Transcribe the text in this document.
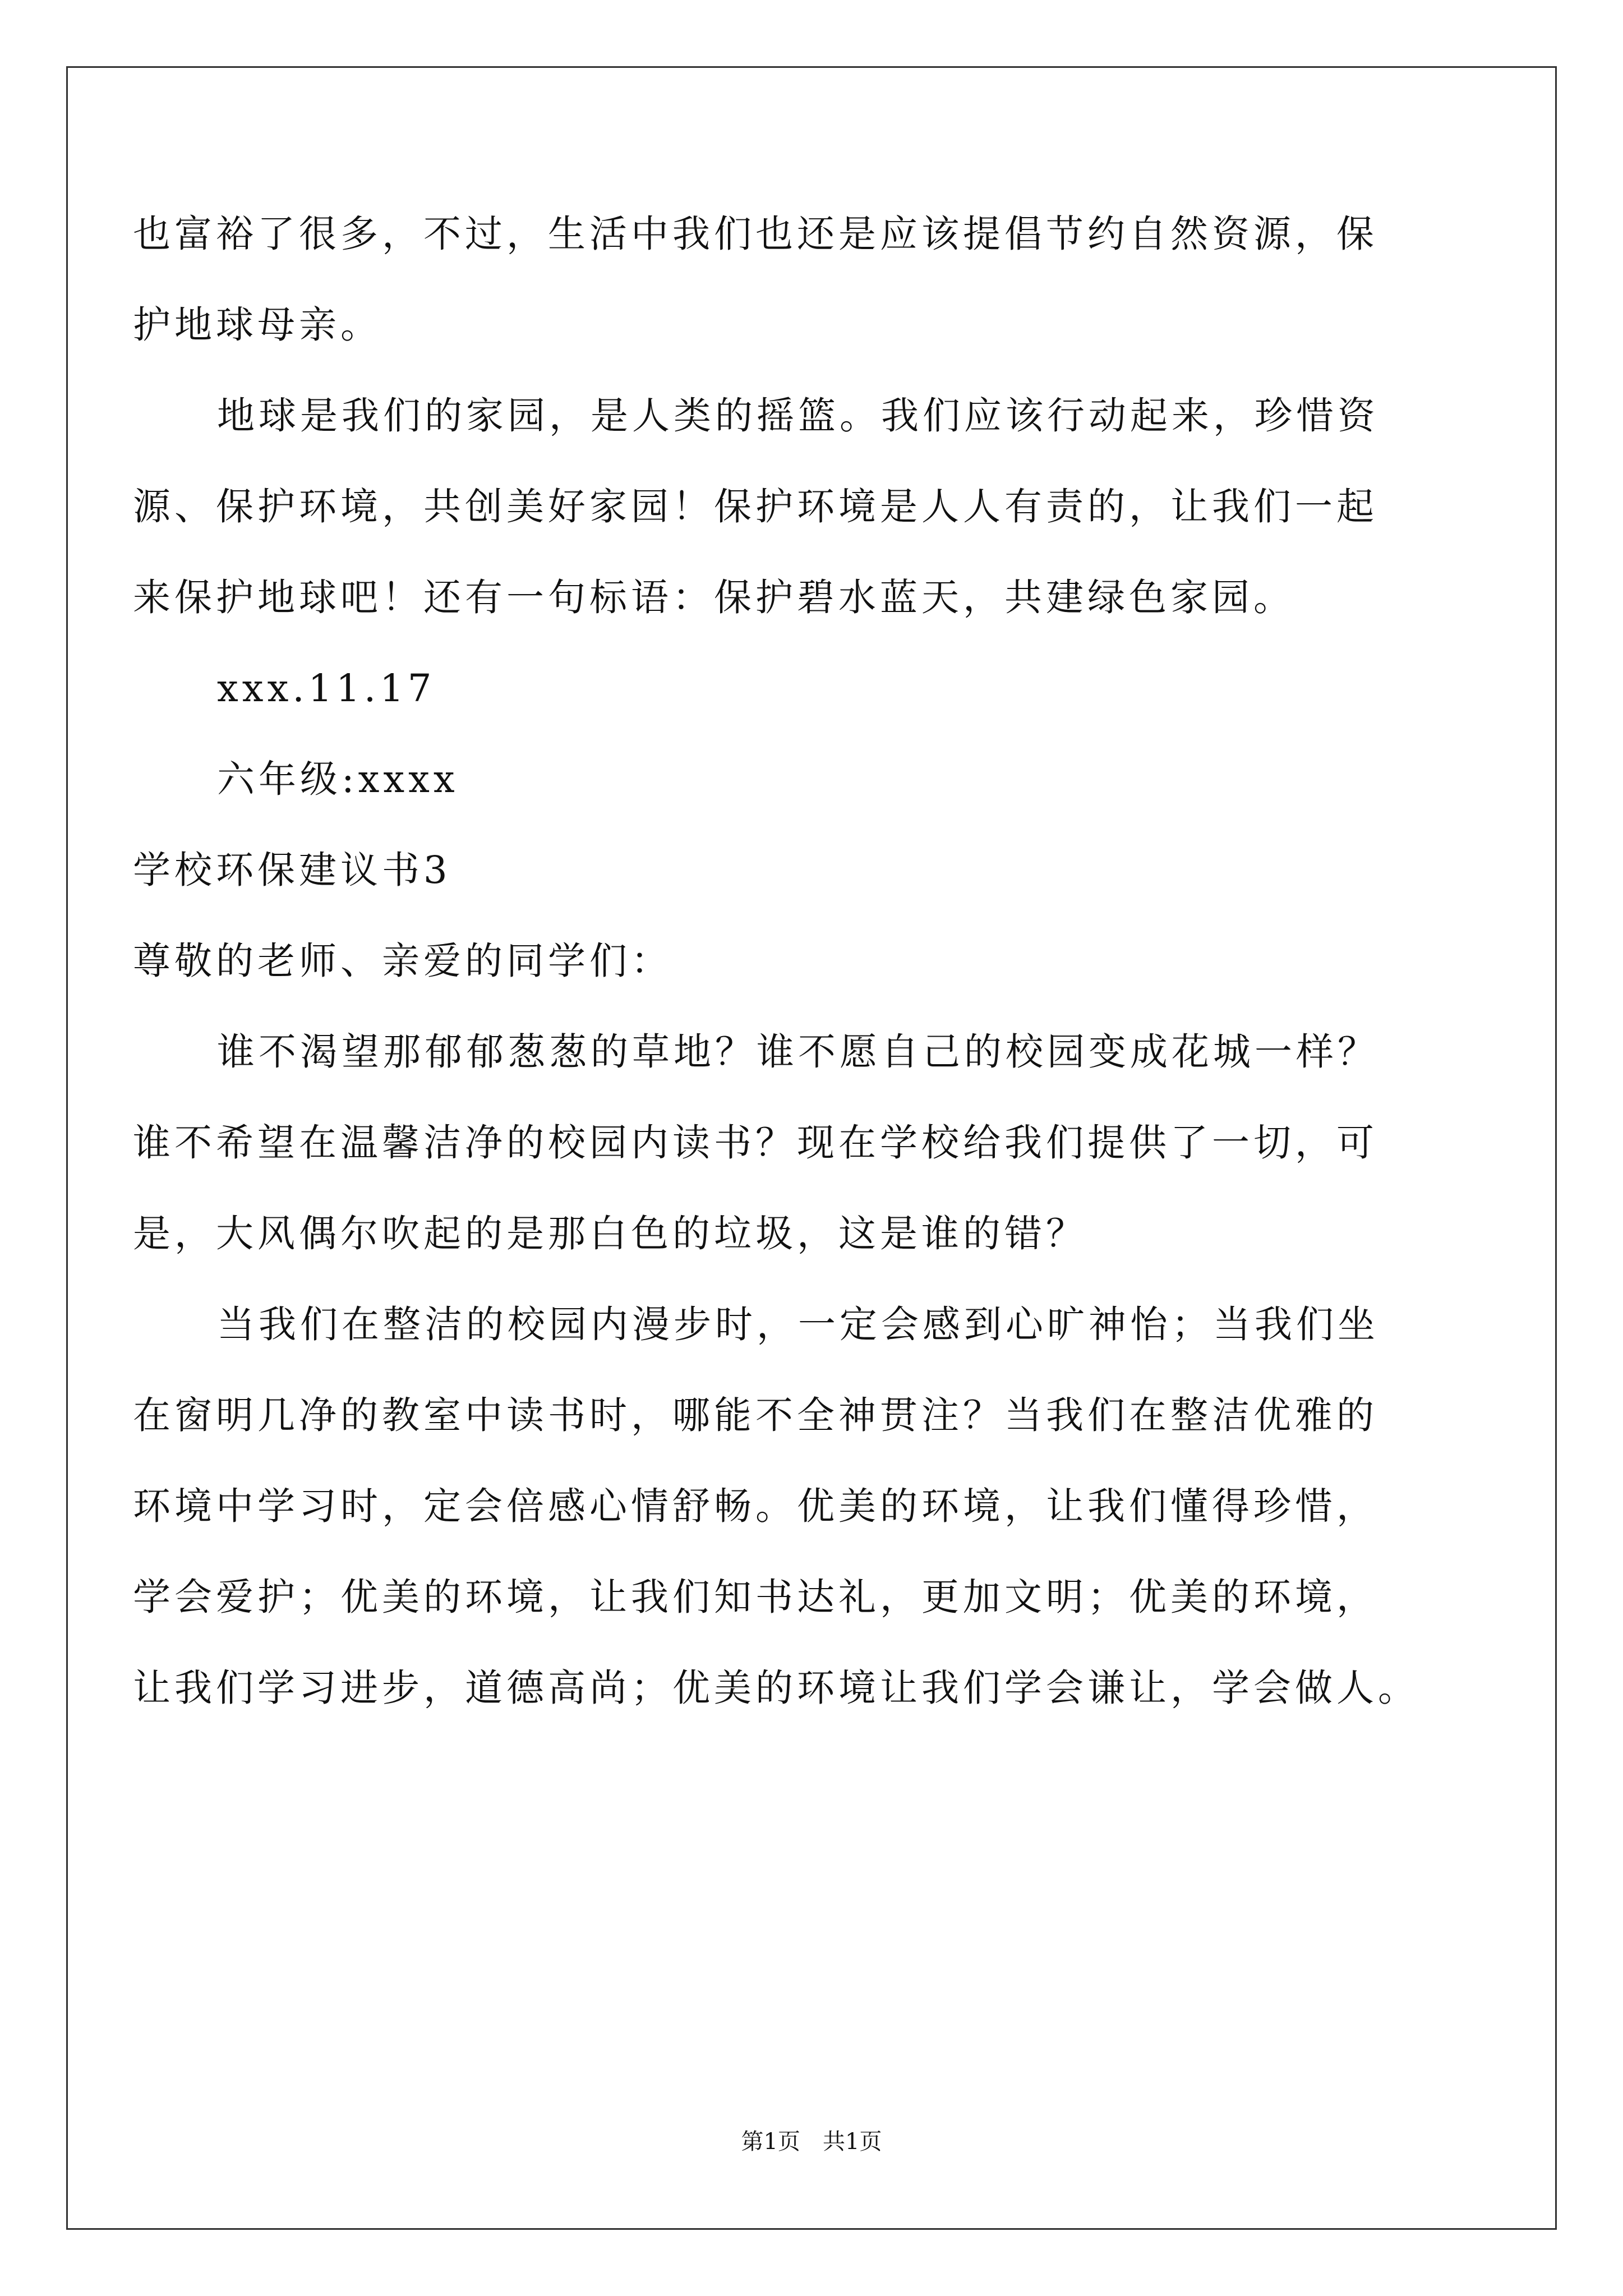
也富裕了很多，不过，生活中我们也还是应该提倡节约自然资源，保
护地球母亲。
地球是我们的家园，是人类的摇篮。我们应该行动起来，珍惜资
源、保护环境，共创美好家园！保护环境是人人有责的，让我们一起
来保护地球吧！还有一句标语：保护碧水蓝天，共建绿色家园。
xxx.11.17
六年级:xxxx
学校环保建议书3
尊敬的老师、亲爱的同学们：
谁不渴望那郁郁葱葱的草地？谁不愿自己的校园变成花城一样？
谁不希望在温馨洁净的校园内读书？现在学校给我们提供了一切，可
是，大风偶尔吹起的是那白色的垃圾，这是谁的错？
当我们在整洁的校园内漫步时，一定会感到心旷神怡；当我们坐
在窗明几净的教室中读书时，哪能不全神贯注？当我们在整洁优雅的
环境中学习时，定会倍感心情舒畅。优美的环境，让我们懂得珍惜，
学会爱护；优美的环境，让我们知书达礼，更加文明；优美的环境，
让我们学习进步，道德高尚；优美的环境让我们学会谦让，学会做人。
第1页 共1页
